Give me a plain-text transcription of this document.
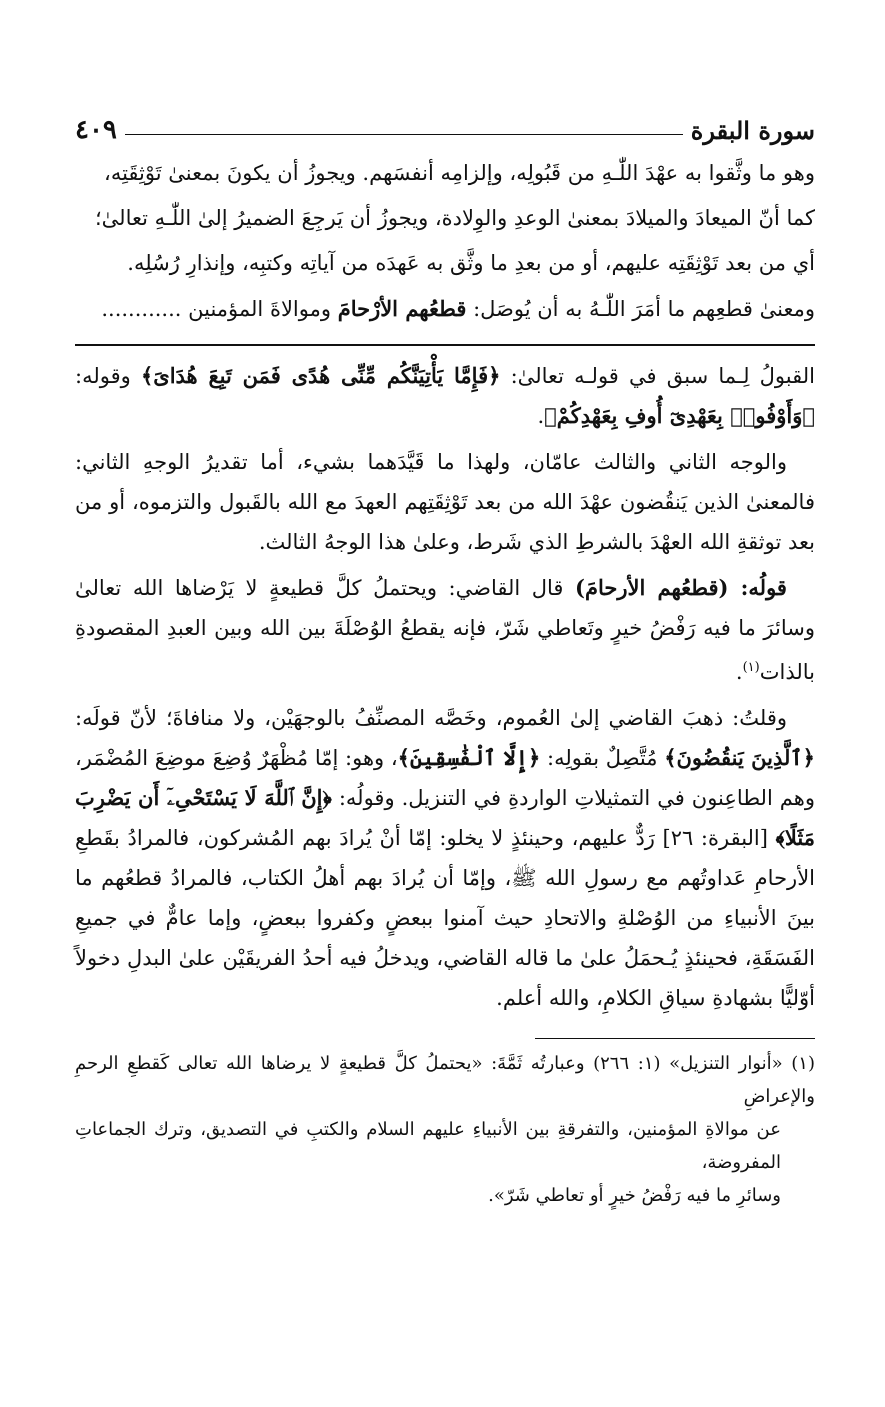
سورة البقرة
٤٠٩

وهو ما وثَّقوا به عهْدَ اللّٰـهِ من قَبُولِه، وإلزامِه أنفسَهم. ويجوزُ أن يكونَ بمعنىٰ تَوْثِقَتِه،

كما أنّ الميعادَ والميلادَ بمعنىٰ الوعدِ والوِلادة، ويجوزُ أن يَرجِعَ الضميرُ إلىٰ اللّٰـهِ تعالىٰ؛

أي من بعد تَوْثِقَتِه عليهم، أو من بعدِ ما وثَّق به عَهدَه من آياتِه وكتبِه، وإنذارِ رُسُلِه.

ومعنىٰ قطعِهم ما أمَرَ اللّٰـهُ به أن يُوصَل: قطعُهم الأرْحامَ وموالاةَ المؤمنين ............

القبولُ لِـما سبق في قولـه تعالىٰ: ﴿فَإِمَّا يَأْتِيَنَّكُم مِّنِّى هُدًى فَمَن تَبِعَ هُدَاىَ﴾ وقوله: ﴿وَأَوْفُوا۟ بِعَهْدِىٓ أُوفِ بِعَهْدِكُمْ﴾.

والوجه الثاني والثالث عامّان، ولهذا ما قَيَّدَهما بشيء، أما تقديرُ الوجهِ الثاني: فالمعنىٰ الذين يَنقُضون عهْدَ الله من بعد تَوْثِقَتِهم العهدَ مع الله بالقَبول والتزموه، أو من بعد توثقةِ الله العهْدَ بالشرطِ الذي شَرط، وعلىٰ هذا الوجهُ الثالث.

قولُه: (قطعُهم الأرحامَ) قال القاضي: ويحتملُ كلَّ قطيعةٍ لا يَرْضاها الله تعالىٰ وسائرَ ما فيه رَفْضُ خيرٍ وتَعاطي شَرّ، فإنه يقطعُ الوُصْلَةَ بين الله وبين العبدِ المقصودةِ بالذات$^{(١)}$.

وقلتُ: ذهبَ القاضي إلىٰ العُموم، وخَصَّه المصنِّفُ بالوجهَيْن، ولا منافاةَ؛ لأنّ قولَه: ﴿ٱلَّذِينَ يَنقُضُونَ﴾ مُتَّصِلٌ بقولِه: ﴿إِلَّا ٱلْفَٰسِقِينَ﴾، وهو: إمّا مُظْهَرٌ وُضِعَ موضِعَ المُضْمَر، وهم الطاعِنون في التمثيلاتِ الواردةِ في التنزيل. وقولُه: ﴿إِنَّ ٱللَّهَ لَا يَسْتَحْىِۦٓ أَن يَضْرِبَ مَثَلًا﴾ [البقرة: ٢٦] رَدٌّ عليهم، وحينئذٍ لا يخلو: إمّا أنْ يُرادَ بهم المُشركون، فالمرادُ بقَطعِ الأرحامِ عَداوتُهم مع رسولِ الله ﷺ، وإمّا أن يُرادَ بهم أهلُ الكتاب، فالمرادُ قطعُهم ما بينَ الأنبياءِ من الوُصْلةِ والاتحادِ حيث آمنوا ببعضٍ وكفروا ببعضٍ، وإما عامٌّ في جميعِ الفَسَقَةِ، فحينئذٍ يُـحمَلُ علىٰ ما قاله القاضي، ويدخلُ فيه أحدُ الفريقَيْن علىٰ البدلِ دخولاً أوّليًّا بشهادةِ سياقِ الكلامِ، والله أعلم.

(١) «أنوار التنزيل» (١: ٢٦٦) وعبارتُه ثَمَّةَ: «يحتملُ كلَّ قطيعةٍ لا يرضاها الله تعالى كَقطعِ الرحمِ والإعراضِ

عن موالاةِ المؤمنين، والتفرقةِ بين الأنبياءِ عليهم السلام والكتبِ في التصديق، وترك الجماعاتِ المفروضة،

وسائرِ ما فيه رَفْضُ خيرٍ أو تعاطي شَرّ».
